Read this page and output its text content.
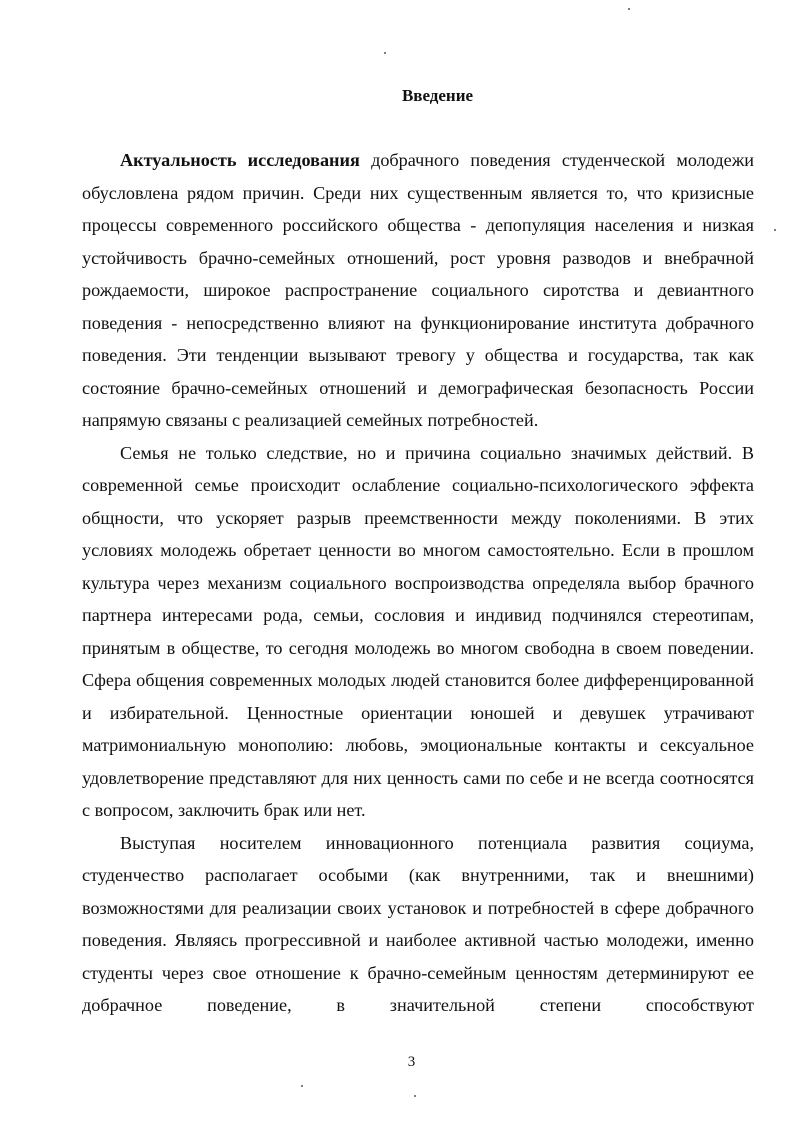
Введение

Актуальность исследования добрачного поведения студенческой молодежи обусловлена рядом причин. Среди них существенным является то, что кризисные процессы современного российского общества - депопуляция населения и низкая устойчивость брачно-семейных отношений, рост уровня разводов и внебрачной рождаемости, широкое распространение социального сиротства и девиантного поведения - непосредственно влияют на функционирование института добрачного поведения. Эти тенденции вызывают тревогу у общества и государства, так как состояние брачно-семейных отношений и демографическая безопасность России напрямую связаны с реализацией семейных потребностей.

Семья не только следствие, но и причина социально значимых действий. В современной семье происходит ослабление социально-психологического эффекта общности, что ускоряет разрыв преемственности между поколениями. В этих условиях молодежь обретает ценности во многом самостоятельно. Если в прошлом культура через механизм социального воспроизводства определяла выбор брачного партнера интересами рода, семьи, сословия и индивид подчинялся стереотипам, принятым в обществе, то сегодня молодежь во многом свободна в своем поведении. Сфера общения современных молодых людей становится более дифференцированной и избирательной. Ценностные ориентации юношей и девушек утрачивают матримониальную монополию: любовь, эмоциональные контакты и сексуальное удовлетворение представляют для них ценность сами по себе и не всегда соотносятся с вопросом, заключить брак или нет.

Выступая носителем инновационного потенциала развития социума, студенчество располагает особыми (как внутренними, так и внешними) возможностями для реализации своих установок и потребностей в сфере добрачного поведения. Являясь прогрессивной и наиболее активной частью молодежи, именно студенты через свое отношение к брачно-семейным ценностям детерминируют ее добрачное поведение, в значительной степени способствуют

3
